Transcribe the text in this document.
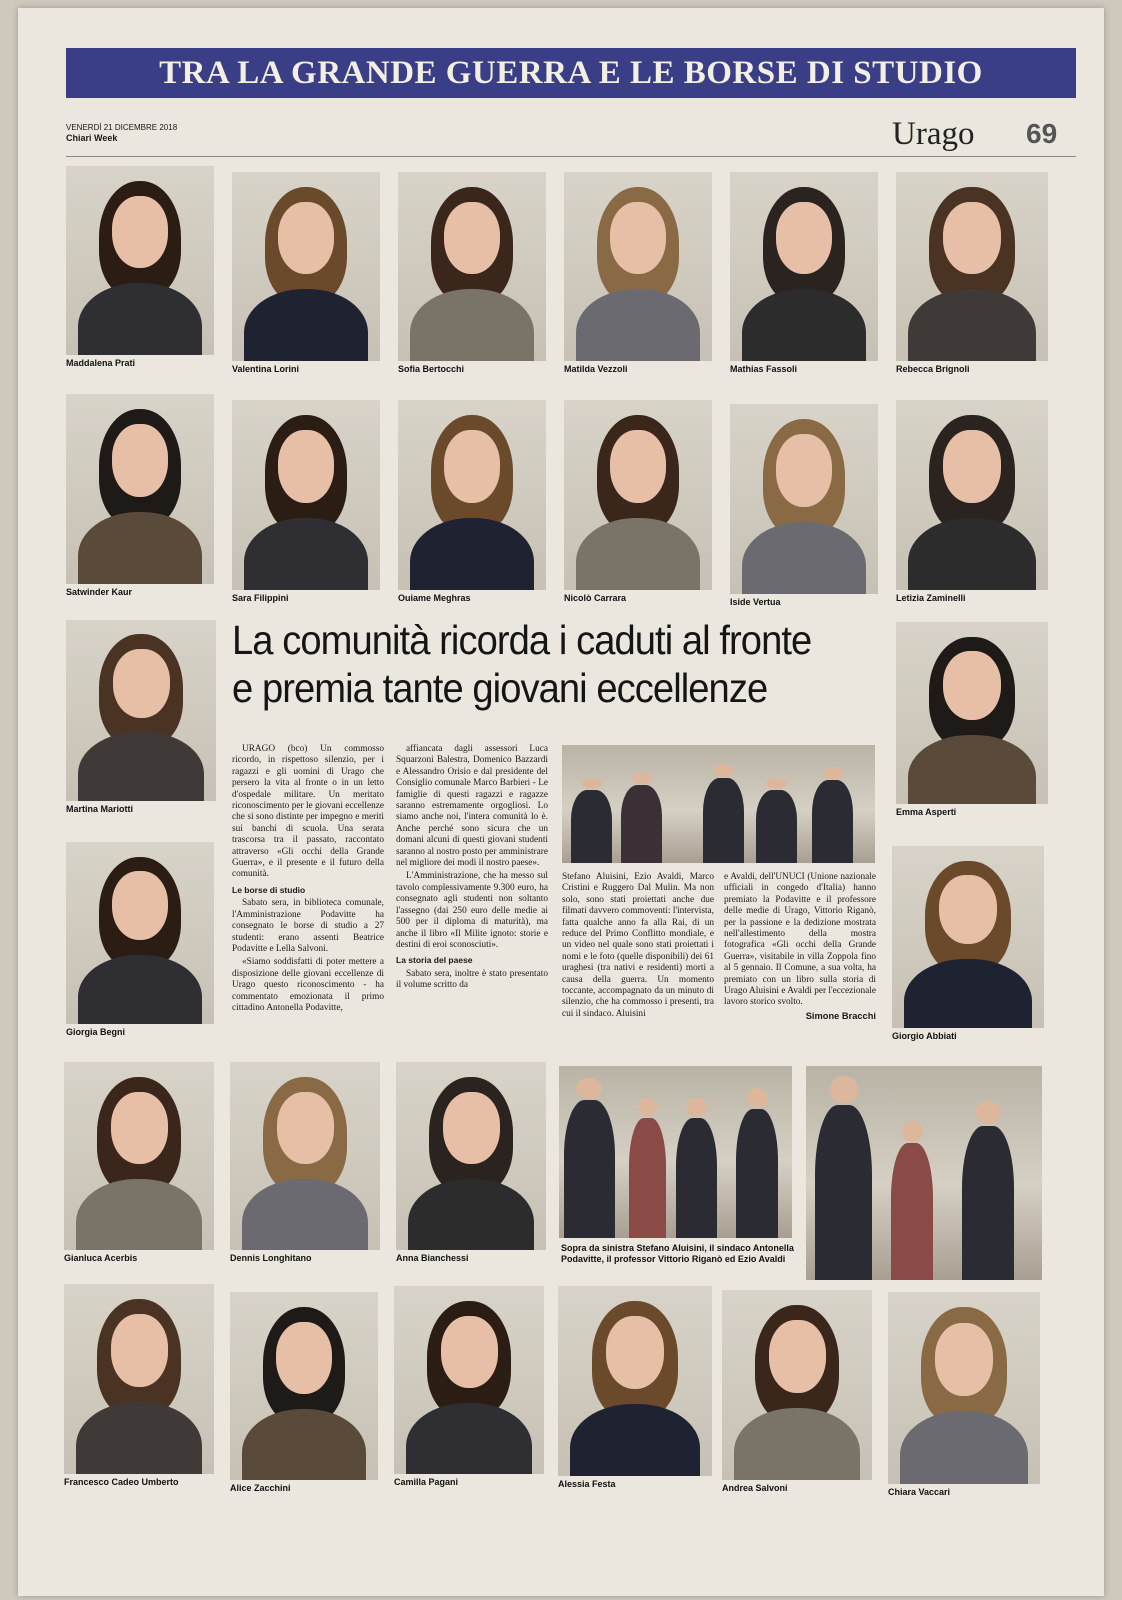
TRA LA GRANDE GUERRA E LE BORSE DI STUDIO
VENERDÌ 21 DICEMBRE 2018
Chiari Week	Urago 69
Maddalena Prati
Valentina Lorini	Sofia Bertocchi	Matilda Vezzoli	Mathias Fassoli	Rebecca Brignoli
Satwinder Kaur
Sara Filippini	Ouiame Meghras	Nicolò Carrara	Iside Vertua	Letizia Zaminelli
Martina Mariotti	Emma Asperti
Giorgia Begni	Giorgio Abbiati
Gianluca Acerbis	Dennis Longhitano	Anna Bianchessi
Francesco Cadeo Umberto
Alice Zacchini
Camilla Pagani	Alessia Festa	Andrea Salvoni	Chiara Vaccari
La comunità ricorda i caduti al fronte
e premia tante giovani eccellenze

URAGO (bco) Un commosso ricordo, in rispettoso silenzio, per i ragazzi e gli uomini di Urago che persero la vita al fronte o in un letto d'ospedale militare. Un meritato riconoscimento per le giovani eccellenze che si sono distinte per impegno e meriti sui banchi di scuola. Una serata trascorsa tra il passato, raccontato attraverso «Gli occhi della Grande Guerra», e il presente e il futuro della comunità.

Le borse di studio

Sabato sera, in biblioteca comunale, l'Amministrazione Podavitte ha consegnato le borse di studio a 27 studenti: erano assenti Beatrice Podavitte e Lella Salvoni.

«Siamo soddisfatti di poter mettere a disposizione delle giovani eccellenze di Urago questo riconoscimento - ha commentato emozionata il primo cittadino Antonella Podavitte,

affiancata dagli assessori Luca Squarzoni Balestra, Domenico Bazzardi e Alessandro Orisio e dal presidente del Consiglio comunale Marco Barbieri - Le famiglie di questi ragazzi e ragazze saranno estremamente orgogliosi. Lo siamo anche noi, l'intera comunità lo è. Anche perché sono sicura che un domani alcuni di questi giovani studenti saranno al nostro posto per amministrare nel migliore dei modi il nostro paese».

L'Amministrazione, che ha messo sul tavolo complessivamente 9.300 euro, ha consegnato agli studenti non soltanto l'assegno (dai 250 euro delle medie ai 500 per il diploma di maturità), ma anche il libro «Il Milite ignoto: storie e destini di eroi sconosciuti».

La storia del paese

Sabato sera, inoltre è stato presentato il volume scritto da

Stefano Aluisini, Ezio Avaldi, Marco Cristini e Ruggero Dal Mulin. Ma non solo, sono stati proiettati anche due filmati davvero commoventi: l'intervista, fatta qualche anno fa alla Rai, di un reduce del Primo Conflitto mondiale, e un video nel quale sono stati proiettati i nomi e le foto (quelle disponibili) dei 61 uraghesi (tra nativi e residenti) morti a causa della guerra. Un momento toccante, accompagnato da un minuto di silenzio, che ha commosso i presenti, tra cui il sindaco. Aluisini

e Avaldi, dell'UNUCI (Unione nazionale ufficiali in congedo d'Italia) hanno premiato la Podavitte e il professore delle medie di Urago, Vittorio Riganò, per la passione e la dedizione mostrata nell'allestimento della mostra fotografica «Gli occhi della Grande Guerra», visitabile in villa Zoppola fino al 5 gennaio. Il Comune, a sua volta, ha premiato con un libro sulla storia di Urago Aluisini e Avaldi per l'eccezionale lavoro storico svolto.

Simone Bracchi

Sopra da sinistra Stefano Aluisini, il sindaco Antonella Podavitte, il professor Vittorio Riganò ed Ezio Avaldi
